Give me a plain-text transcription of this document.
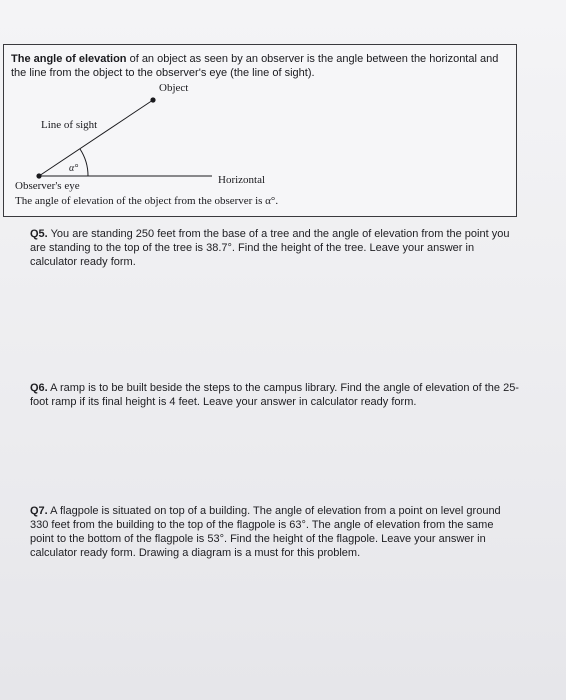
The angle of elevation of an object as seen by an observer is the angle between the horizontal and the line from the object to the observer's eye (the line of sight).

Object
Line of sight
α°
Horizontal
Observer's eye
The angle of elevation of the object from the observer is α°.

Q5. You are standing 250 feet from the base of a tree and the angle of elevation from the point you are standing to the top of the tree is 38.7°. Find the height of the tree. Leave your answer in calculator ready form.

Q6. A ramp is to be built beside the steps to the campus library. Find the angle of elevation of the 25-foot ramp if its final height is 4 feet. Leave your answer in calculator ready form.

Q7. A flagpole is situated on top of a building. The angle of elevation from a point on level ground 330 feet from the building to the top of the flagpole is 63°. The angle of elevation from the same point to the bottom of the flagpole is 53°. Find the height of the flagpole. Leave your answer in calculator ready form. Drawing a diagram is a must for this problem.
